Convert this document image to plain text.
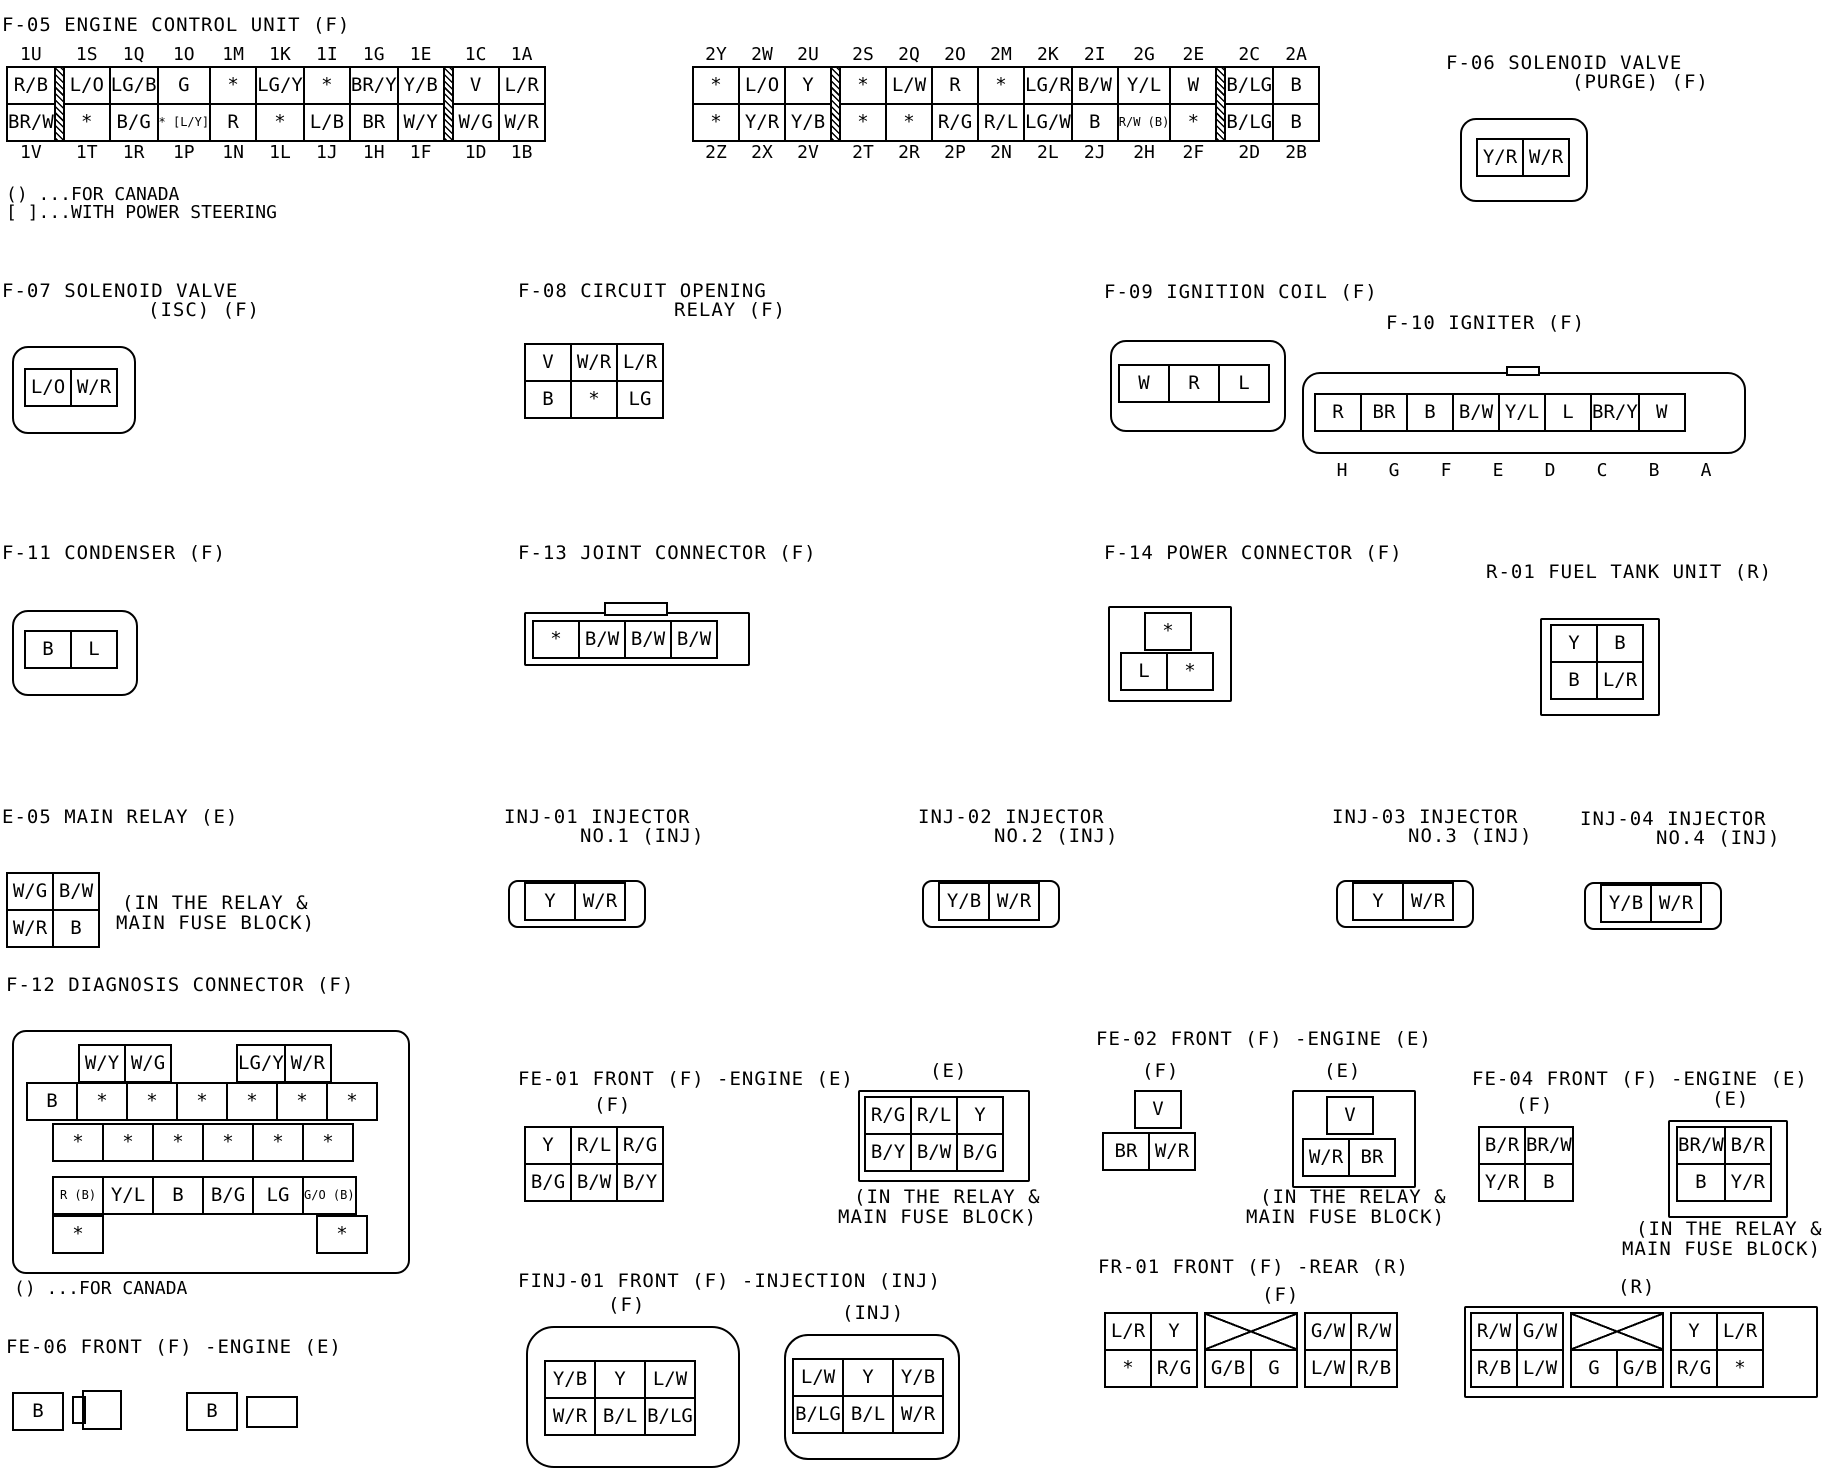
F-05 ENGINE CONTROL UNIT (F)
1U		1S	1Q	1O	1M	1K	1I	1G	1E		1C	1A
R/B		L/O	LG/B	G	*	LG/Y	*	BR/Y	Y/B		V	L/R
BR/W		*	B/G	* [L/Y]	R	*	L/B	BR	W/Y		W/G	W/R
1V		1T	1R	1P	1N	1L	1J	1H	1F		1D	1B
() ...FOR CANADA
[ ]...WITH POWER STEERING
2Y	2W	2U		2S	2Q	2O	2M	2K	2I	2G	2E		2C	2A
*	L/O	Y		*	L/W	R	*	LG/R	B/W	Y/L	W		B/LG	B
*	Y/R	Y/B		*	*	R/G	R/L	LG/W	B	R/W (B)	*		B/LG	B
2Z	2X	2V		2T	2R	2P	2N	2L	2J	2H	2F		2D	2B
F-06 SOLENOID VALVE
(PURGE) (F)
Y/R	W/R
F-07 SOLENOID VALVE
(ISC) (F)
L/O	W/R
F-08 CIRCUIT OPENING
RELAY (F)
V	W/R	L/R
B	*	LG
F-09 IGNITION COIL (F)
W	R	L
F-10 IGNITER (F)
R	BR	B	B/W	Y/L	L	BR/Y	W
H	G	F	E	D	C	B	A
F-11 CONDENSER (F)
B	L
F-13 JOINT CONNECTOR (F)
*	B/W	B/W	B/W
F-14 POWER CONNECTOR (F)
*
L	*
R-01 FUEL TANK UNIT (R)
Y	B
B	L/R
E-05 MAIN RELAY (E)
W/G	B/W
W/R	B
(IN THE RELAY &
MAIN FUSE BLOCK)
INJ-01 INJECTOR
NO.1 (INJ)
Y	W/R
INJ-02 INJECTOR
NO.2 (INJ)
Y/B	W/R
INJ-03 INJECTOR
NO.3 (INJ)
Y	W/R
INJ-04 INJECTOR
NO.4 (INJ)
Y/B	W/R
F-12 DIAGNOSIS CONNECTOR (F)
W/Y	W/G	LG/Y	W/R
B	*	*	*	*	*	*
*	*	*	*	*	*
R (B)	Y/L	B	B/G	LG	G/O (B)
*	*
() ...FOR CANADA
FE-06 FRONT (F) -ENGINE (E)
B	B
FE-01 FRONT (F) -ENGINE (E)
(F)
Y	R/L	R/G
B/G	B/W	B/Y
(E)
R/G	R/L	Y
B/Y	B/W	B/G
(IN THE RELAY &
MAIN FUSE BLOCK)
FE-02 FRONT (F) -ENGINE (E)
(F)
V
BR	W/R
(E)
V
W/R	BR
(IN THE RELAY &
MAIN FUSE BLOCK)
FE-04 FRONT (F) -ENGINE (E)
(F)
B/R	BR/W
Y/R	B
(E)
BR/W	B/R
B	Y/R
(IN THE RELAY &
MAIN FUSE BLOCK)
FINJ-01 FRONT (F) -INJECTION (INJ)
(F)
Y/B	Y	L/W
W/R	B/L	B/LG
(INJ)
L/W	Y	Y/B
B/LG	B/L	W/R
FR-01 FRONT (F) -REAR (R)
(F)
L/R	Y					G/W	R/W
*	R/G		G/B	G		L/W	R/B
(R)
R/W	G/W					Y	L/R
R/B	L/W		G	G/B		R/G	*
